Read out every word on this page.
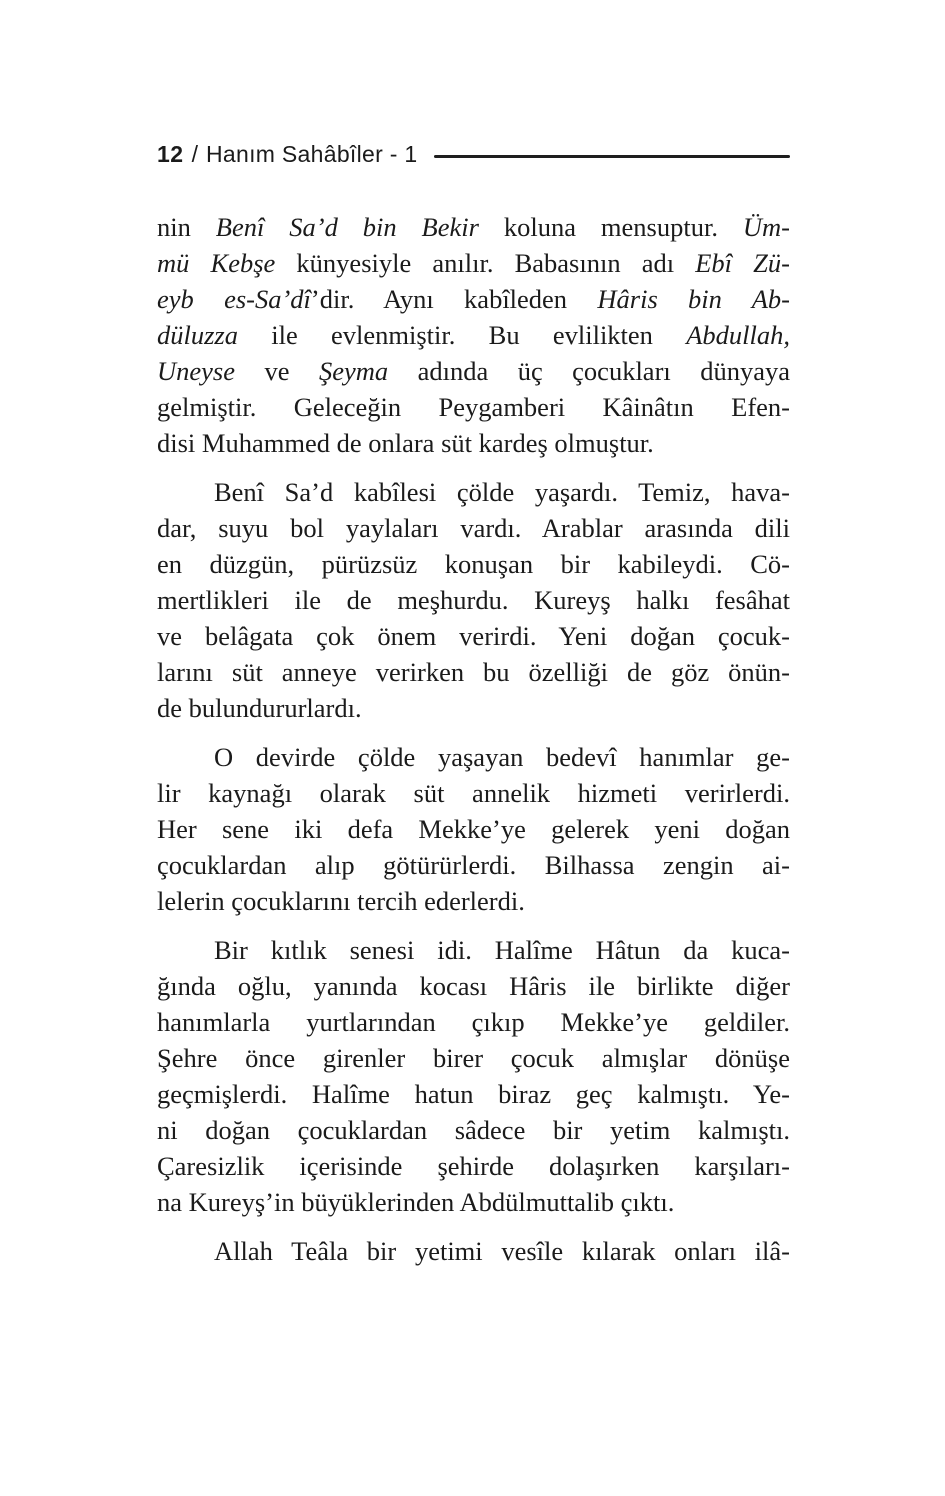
12 / Hanım Sahâbîler - 1
nin Benî Sa’d bin Bekir koluna mensuptur. Üm-
mü Kebşe künyesiyle anılır. Babasının adı Ebî Zü-
eyb es-Sa’dî’dir. Aynı kabîleden Hâris bin Ab-
düluzza ile evlenmiştir. Bu evlilikten Abdullah,
Uneyse ve Şeyma adında üç çocukları dünyaya
gelmiştir. Geleceğin Peygamberi Kâinâtın Efen-
disi Muhammed de onlara süt kardeş olmuştur.
Benî Sa’d kabîlesi çölde yaşardı. Temiz, hava-
dar, suyu bol yaylaları vardı. Arablar arasında dili
en düzgün, pürüzsüz konuşan bir kabileydi. Cö-
mertlikleri ile de meşhurdu. Kureyş halkı fesâhat
ve belâgata çok önem verirdi. Yeni doğan çocuk-
larını süt anneye verirken bu özelliği de göz önün-
de bulundururlardı.
O devirde çölde yaşayan bedevî hanımlar ge-
lir kaynağı olarak süt annelik hizmeti verirlerdi.
Her sene iki defa Mekke’ye gelerek yeni doğan
çocuklardan alıp götürürlerdi. Bilhassa zengin ai-
lelerin çocuklarını tercih ederlerdi.
Bir kıtlık senesi idi. Halîme Hâtun da kuca-
ğında oğlu, yanında kocası Hâris ile birlikte diğer
hanımlarla yurtlarından çıkıp Mekke’ye geldiler.
Şehre önce girenler birer çocuk almışlar dönüşe
geçmişlerdi. Halîme hatun biraz geç kalmıştı. Ye-
ni doğan çocuklardan sâdece bir yetim kalmıştı.
Çaresizlik içerisinde şehirde dolaşırken karşıları-
na Kureyş’in büyüklerinden Abdülmuttalib çıktı.
Allah Teâla bir yetimi vesîle kılarak onları ilâ-
